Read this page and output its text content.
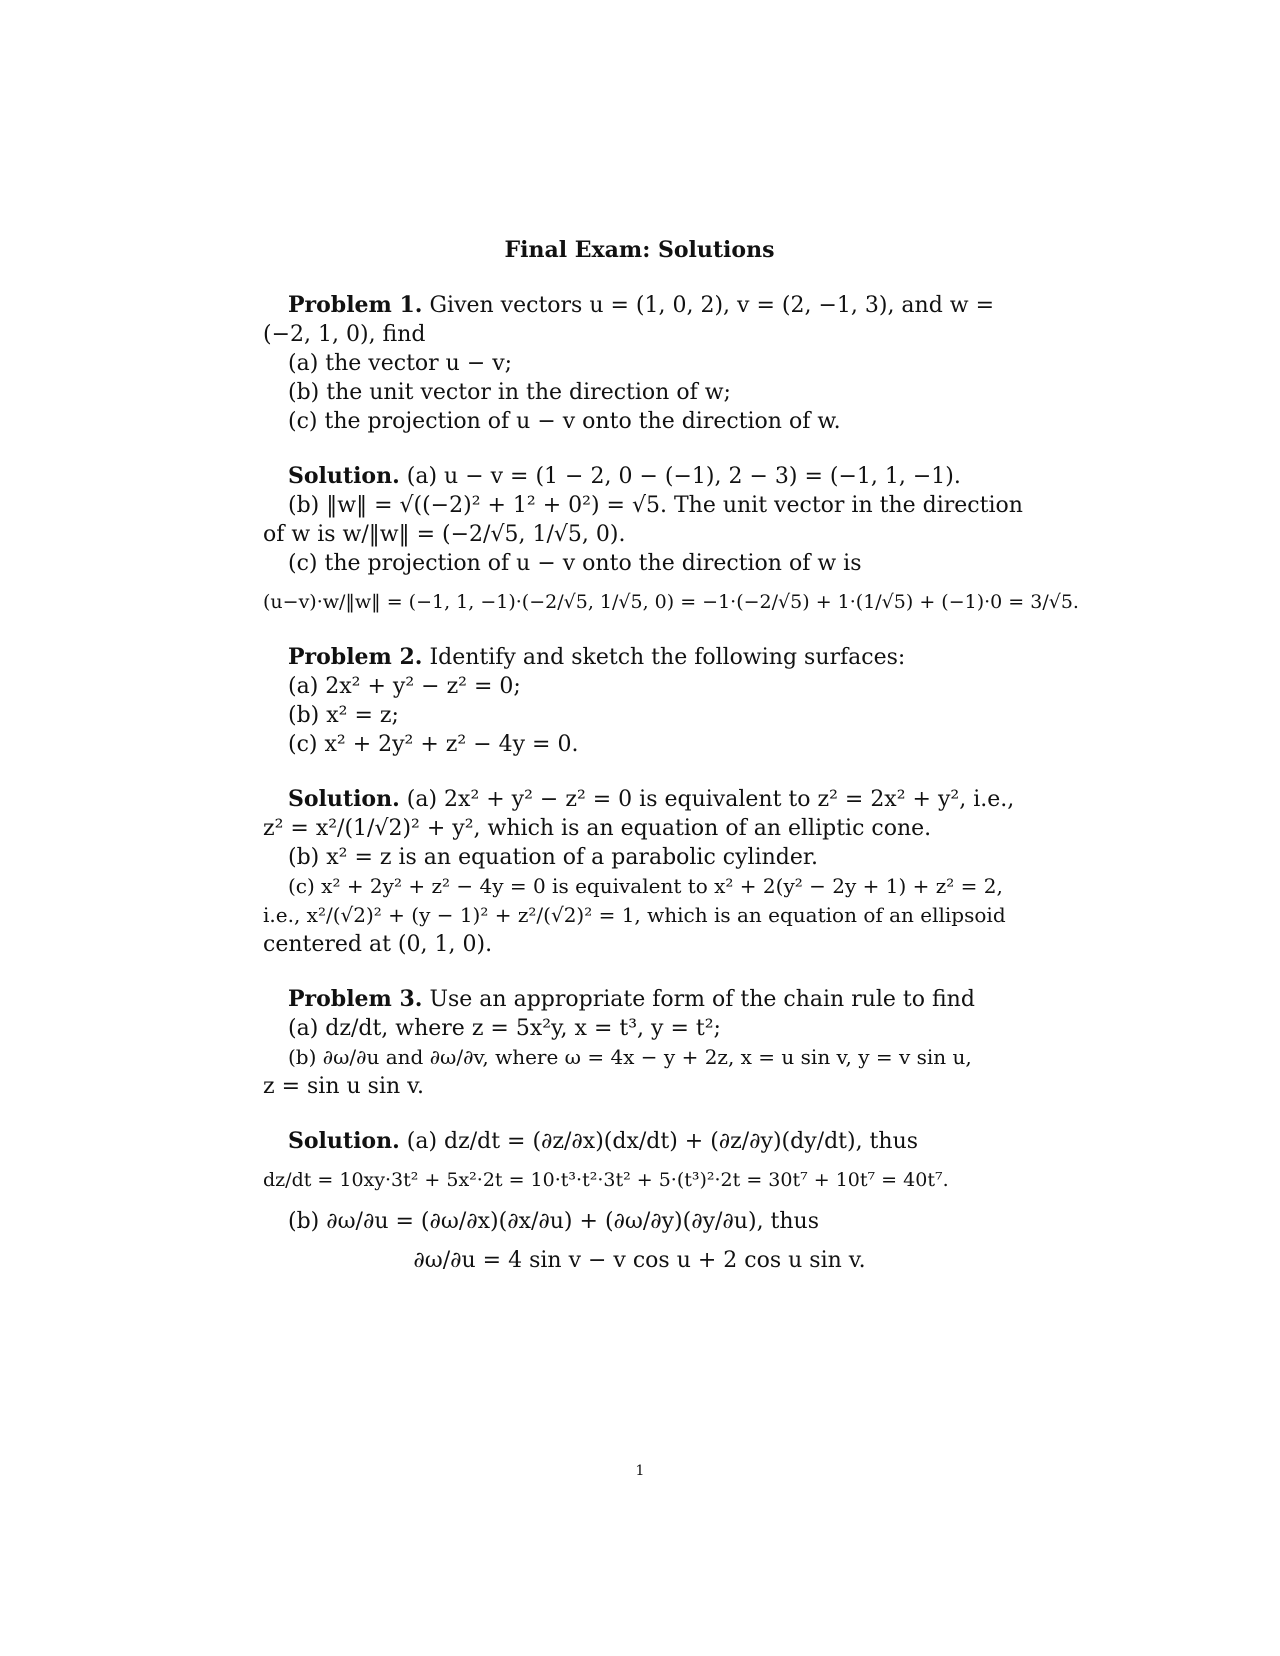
Final Exam: Solutions
Problem 1. Given vectors u = (1, 0, 2), v = (2, −1, 3), and w =
(−2, 1, 0), find
(a) the vector u − v;
(b) the unit vector in the direction of w;
(c) the projection of u − v onto the direction of w.
Solution. (a) u − v = (1 − 2, 0 − (−1), 2 − 3) = (−1, 1, −1).
(b) ‖w‖ = √((−2)² + 1² + 0²) = √5. The unit vector in the direction
of w is w/‖w‖ = (−2/√5, 1/√5, 0).
(c) the projection of u − v onto the direction of w is
(u−v)·w/‖w‖ = (−1, 1, −1)·(−2/√5, 1/√5, 0) = −1·(−2/√5) + 1·(1/√5) + (−1)·0 = 3/√5.
Problem 2. Identify and sketch the following surfaces:
(a) 2x² + y² − z² = 0;
(b) x² = z;
(c) x² + 2y² + z² − 4y = 0.
Solution. (a) 2x² + y² − z² = 0 is equivalent to z² = 2x² + y², i.e.,
z² = x²/(1/√2)² + y², which is an equation of an elliptic cone.
(b) x² = z is an equation of a parabolic cylinder.
(c) x² + 2y² + z² − 4y = 0 is equivalent to x² + 2(y² − 2y + 1) + z² = 2,
i.e., x²/(√2)² + (y − 1)² + z²/(√2)² = 1, which is an equation of an ellipsoid
centered at (0, 1, 0).
Problem 3. Use an appropriate form of the chain rule to find
(a) dz/dt, where z = 5x²y, x = t³, y = t²;
(b) ∂ω/∂u and ∂ω/∂v, where ω = 4x − y + 2z, x = u sin v, y = v sin u,
z = sin u sin v.
Solution. (a) dz/dt = (∂z/∂x)(dx/dt) + (∂z/∂y)(dy/dt), thus
dz/dt = 10xy·3t² + 5x²·2t = 10·t³·t²·3t² + 5·(t³)²·2t = 30t⁷ + 10t⁷ = 40t⁷.
(b) ∂ω/∂u = (∂ω/∂x)(∂x/∂u) + (∂ω/∂y)(∂y/∂u), thus
∂ω/∂u = 4 sin v − v cos u + 2 cos u sin v.
1
